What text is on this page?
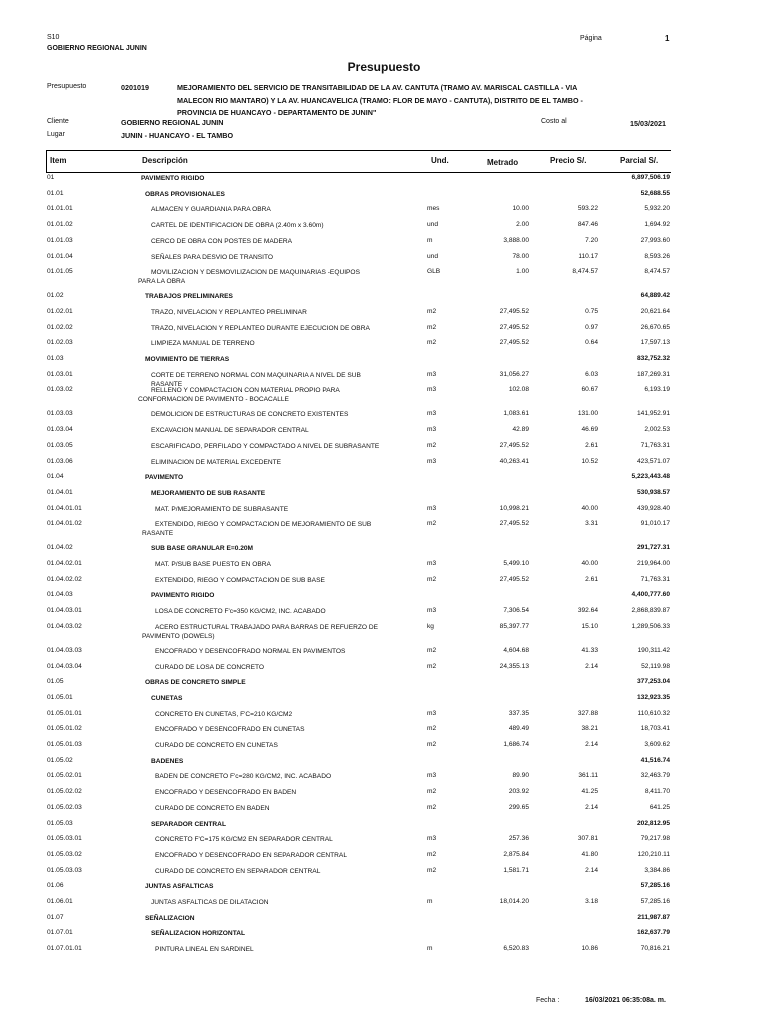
S10
GOBIERNO REGIONAL JUNIN
Página	1
Presupuesto
Presupuesto	0201019	MEJORAMIENTO DEL SERVICIO DE TRANSITABILIDAD DE LA AV. CANTUTA (TRAMO AV. MARISCAL CASTILLA - VIA MALECON RIO MANTARO) Y LA AV. HUANCAVELICA (TRAMO: FLOR DE MAYO - CANTUTA), DISTRITO DE EL TAMBO - PROVINCIA DE HUANCAYO - DEPARTAMENTO DE JUNIN"
Cliente	GOBIERNO REGIONAL JUNIN	Costo al	15/03/2021
Lugar	JUNIN - HUANCAYO - EL TAMBO
Item	Descripción	Und.	Metrado	Precio S/.	Parcial S/.
01	PAVIMENTO RIGIDO	6,897,506.19
01.01	OBRAS PROVISIONALES	52,688.55
01.01.01	ALMACEN Y GUARDIANIA PARA OBRA	mes	10.00	593.22	5,932.20
01.01.02	CARTEL DE IDENTIFICACION DE OBRA (2.40m x 3.60m)	und	2.00	847.46	1,694.92
01.01.03	CERCO DE OBRA CON POSTES DE MADERA	m	3,888.00	7.20	27,993.60
01.01.04	SEÑALES PARA DESVIO DE TRANSITO	und	78.00	110.17	8,593.26
01.01.05	MOVILIZACION Y DESMOVILIZACION DE MAQUINARIAS -EQUIPOS PARA LA OBRA
GLB	1.00	8,474.57	8,474.57
01.02	TRABAJOS PRELIMINARES	64,889.42
01.02.01	TRAZO, NIVELACION Y REPLANTEO PRELIMINAR	m2	27,495.52	0.75	20,621.64
01.02.02	TRAZO, NIVELACION Y REPLANTEO DURANTE EJECUCION DE OBRA	m2	27,495.52	0.97	26,670.65
01.02.03	LIMPIEZA MANUAL DE TERRENO	m2	27,495.52	0.64	17,597.13
01.03	MOVIMIENTO DE TIERRAS	832,752.32
01.03.01	CORTE DE TERRENO NORMAL CON MAQUINARIA A NIVEL DE SUB RASANTE
m3	31,056.27	6.03	187,269.31
01.03.02	RELLENO Y COMPACTACION CON MATERIAL PROPIO PARA CONFORMACION DE PAVIMENTO - BOCACALLE
m3	102.08	60.67	6,193.19
01.03.03	DEMOLICION DE ESTRUCTURAS DE CONCRETO EXISTENTES	m3	1,083.61	131.00	141,952.91
01.03.04	EXCAVACION MANUAL DE SEPARADOR CENTRAL	m3	42.89	46.69	2,002.53
01.03.05	ESCARIFICADO, PERFILADO Y COMPACTADO A NIVEL DE SUBRASANTE	m2	27,495.52	2.61	71,763.31
01.03.06	ELIMINACION DE MATERIAL EXCEDENTE	m3	40,263.41	10.52	423,571.07
01.04	PAVIMENTO	5,223,443.48
01.04.01	MEJORAMIENTO DE SUB RASANTE	530,938.57
01.04.01.01	MAT. P/MEJORAMIENTO DE SUBRASANTE	m3	10,998.21	40.00	439,928.40
01.04.01.02	EXTENDIDO, RIEGO Y COMPACTACION DE MEJORAMIENTO DE SUB RASANTE
m2	27,495.52	3.31	91,010.17
01.04.02	SUB BASE GRANULAR E=0.20M	291,727.31
01.04.02.01	MAT. P/SUB BASE PUESTO EN OBRA	m3	5,499.10	40.00	219,964.00
01.04.02.02	EXTENDIDO, RIEGO Y COMPACTACION DE SUB BASE	m2	27,495.52	2.61	71,763.31
01.04.03	PAVIMENTO RIGIDO	4,400,777.60
01.04.03.01	LOSA DE CONCRETO F'c=350 KG/CM2, INC. ACABADO	m3	7,306.54	392.64	2,868,839.87
01.04.03.02	ACERO ESTRUCTURAL TRABAJADO PARA BARRAS DE REFUERZO DE PAVIMENTO (DOWELS)
kg	85,397.77	15.10	1,289,506.33
01.04.03.03	ENCOFRADO Y DESENCOFRADO NORMAL EN PAVIMENTOS	m2	4,604.68	41.33	190,311.42
01.04.03.04	CURADO DE LOSA DE CONCRETO	m2	24,355.13	2.14	52,119.98
01.05	OBRAS DE CONCRETO SIMPLE	377,253.04
01.05.01	CUNETAS	132,923.35
01.05.01.01	CONCRETO EN CUNETAS, F'C=210 KG/CM2	m3	337.35	327.88	110,610.32
01.05.01.02	ENCOFRADO Y DESENCOFRADO EN CUNETAS	m2	489.49	38.21	18,703.41
01.05.01.03	CURADO DE CONCRETO EN CUNETAS	m2	1,686.74	2.14	3,609.62
01.05.02	BADENES	41,516.74
01.05.02.01	BADEN DE CONCRETO F'c=280 KG/CM2, INC. ACABADO	m3	89.90	361.11	32,463.79
01.05.02.02	ENCOFRADO Y DESENCOFRADO EN BADEN	m2	203.92	41.25	8,411.70
01.05.02.03	CURADO DE CONCRETO EN BADEN	m2	299.65	2.14	641.25
01.05.03	SEPARADOR CENTRAL	202,812.95
01.05.03.01	CONCRETO F'C=175 KG/CM2 EN SEPARADOR CENTRAL	m3	257.36	307.81	79,217.98
01.05.03.02	ENCOFRADO Y DESENCOFRADO EN SEPARADOR CENTRAL	m2	2,875.84	41.80	120,210.11
01.05.03.03	CURADO DE CONCRETO EN SEPARADOR CENTRAL	m2	1,581.71	2.14	3,384.86
01.06	JUNTAS ASFALTICAS	57,285.16
01.06.01	JUNTAS ASFALTICAS DE DILATACION	m	18,014.20	3.18	57,285.16
01.07	SEÑALIZACION	211,987.87
01.07.01	SEÑALIZACION HORIZONTAL	162,637.79
01.07.01.01	PINTURA LINEAL EN SARDINEL	m	6,520.83	10.86	70,816.21
Fecha :	16/03/2021 06:35:08a. m.
